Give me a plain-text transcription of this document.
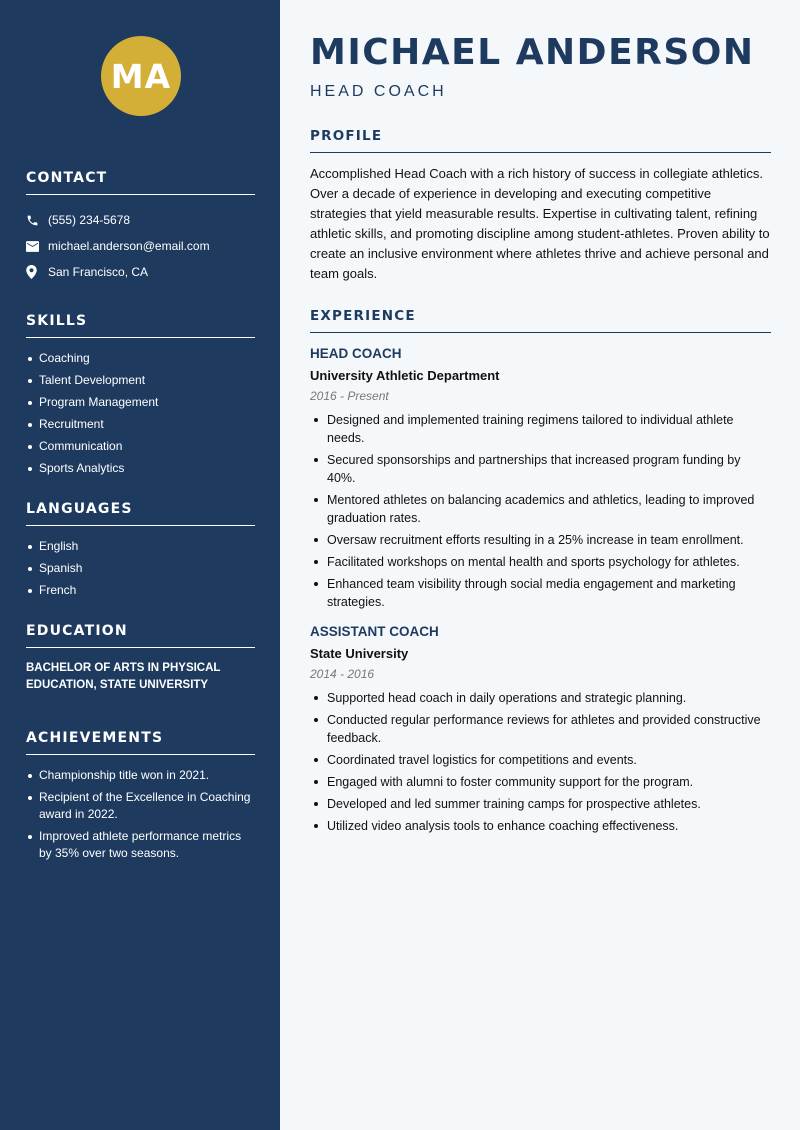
MA
CONTACT
(555) 234-5678
michael.anderson@email.com
San Francisco, CA
SKILLS
Coaching
Talent Development
Program Management
Recruitment
Communication
Sports Analytics
LANGUAGES
English
Spanish
French
EDUCATION
BACHELOR OF ARTS IN PHYSICAL EDUCATION, STATE UNIVERSITY
ACHIEVEMENTS
Championship title won in 2021.
Recipient of the Excellence in Coaching award in 2022.
Improved athlete performance metrics by 35% over two seasons.
MICHAEL ANDERSON
HEAD COACH
PROFILE

Accomplished Head Coach with a rich history of success in collegiate athletics. Over a decade of experience in developing and executing competitive strategies that yield measurable results. Expertise in cultivating talent, refining athletic skills, and promoting discipline among student-athletes. Proven ability to create an inclusive environment where athletes thrive and achieve personal and team goals.

EXPERIENCE
HEAD COACH
University Athletic Department
2016 - Present
Designed and implemented training regimens tailored to individual athlete needs.
Secured sponsorships and partnerships that increased program funding by 40%.
Mentored athletes on balancing academics and athletics, leading to improved graduation rates.
Oversaw recruitment efforts resulting in a 25% increase in team enrollment.
Facilitated workshops on mental health and sports psychology for athletes.
Enhanced team visibility through social media engagement and marketing strategies.
ASSISTANT COACH
State University
2014 - 2016
Supported head coach in daily operations and strategic planning.
Conducted regular performance reviews for athletes and provided constructive feedback.
Coordinated travel logistics for competitions and events.
Engaged with alumni to foster community support for the program.
Developed and led summer training camps for prospective athletes.
Utilized video analysis tools to enhance coaching effectiveness.
